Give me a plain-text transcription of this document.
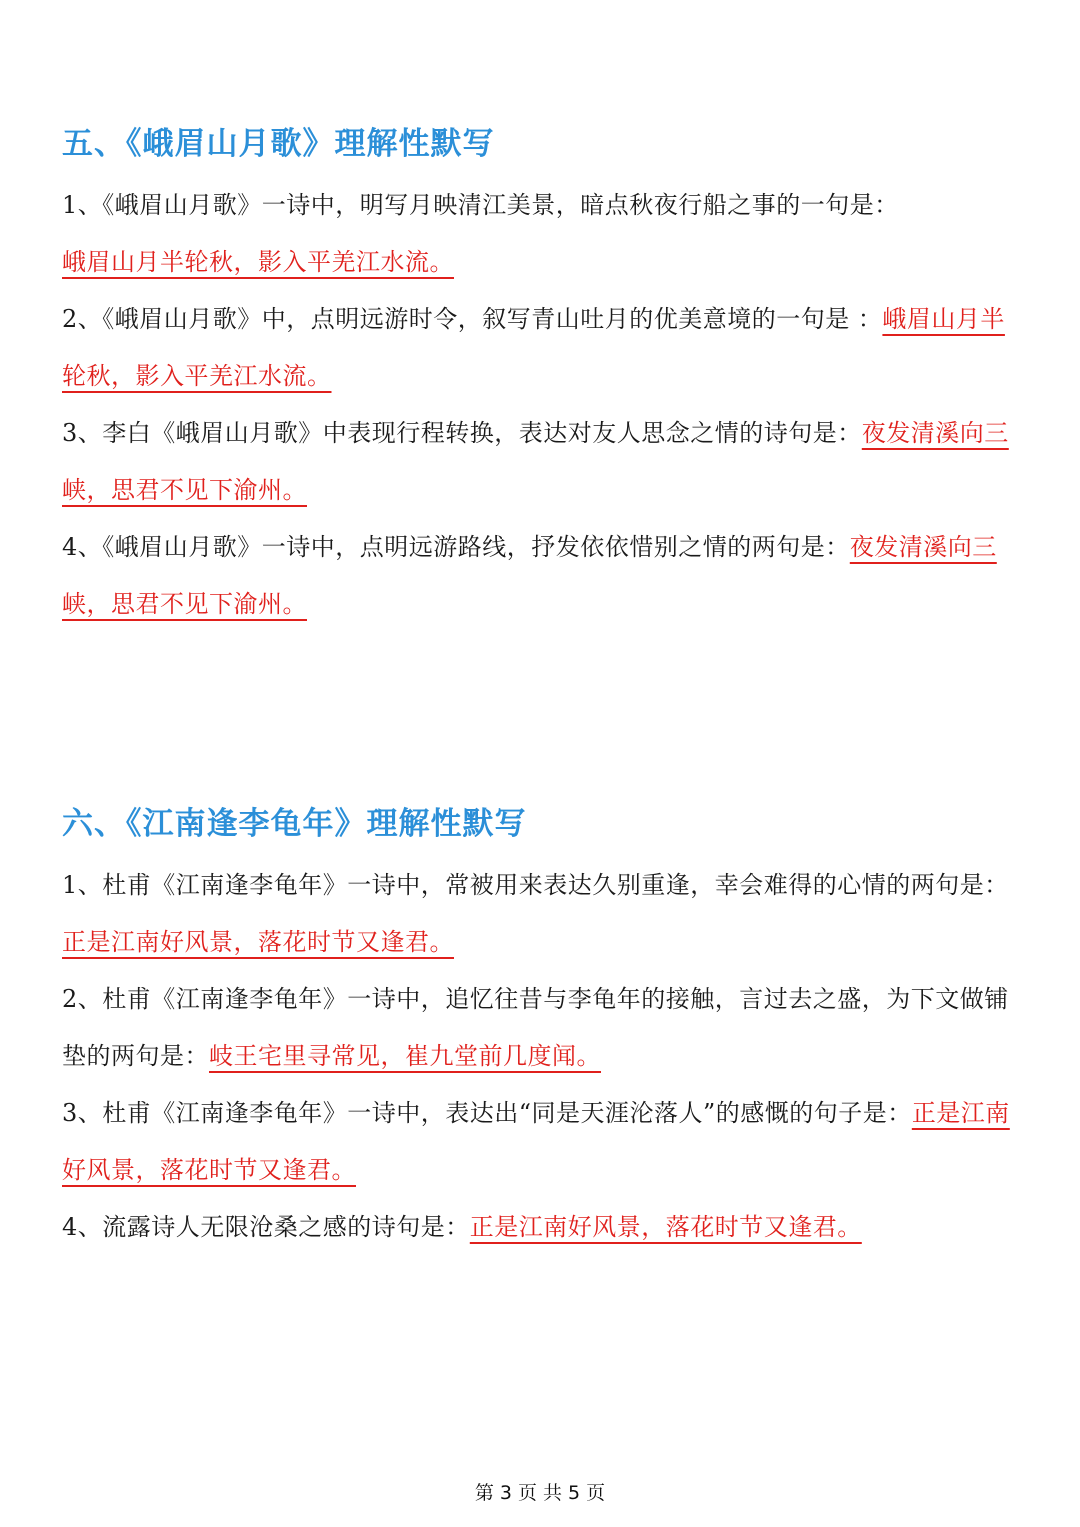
五、《峨眉山月歌》理解性默写

1、《峨眉山月歌》一诗中，明写月映清江美景，暗点秋夜行船之事的一句是：
峨眉山月半轮秋，影入平羌江水流。

2、《峨眉山月歌》中，点明远游时令，叙写青山吐月的优美意境的一句是 ：峨眉山月半轮秋，影入平羌江水流。

3、李白《峨眉山月歌》中表现行程转换，表达对友人思念之情的诗句是：夜发清溪向三峡，思君不见下渝州。

4、《峨眉山月歌》一诗中，点明远游路线，抒发依依惜别之情的两句是：夜发清溪向三峡，思君不见下渝州。

六、《江南逢李龟年》理解性默写

1、杜甫《江南逢李龟年》一诗中，常被用来表达久别重逢，幸会难得的心情的两句是：
正是江南好风景，落花时节又逢君。

2、杜甫《江南逢李龟年》一诗中，追忆往昔与李龟年的接触，言过去之盛，为下文做铺垫的两句是：岐王宅里寻常见，崔九堂前几度闻。

3、杜甫《江南逢李龟年》一诗中，表达出“同是天涯沦落人”的感慨的句子是：正是江南好风景，落花时节又逢君。

4、流露诗人无限沧桑之感的诗句是：正是江南好风景，落花时节又逢君。

第 3 页 共 5 页
